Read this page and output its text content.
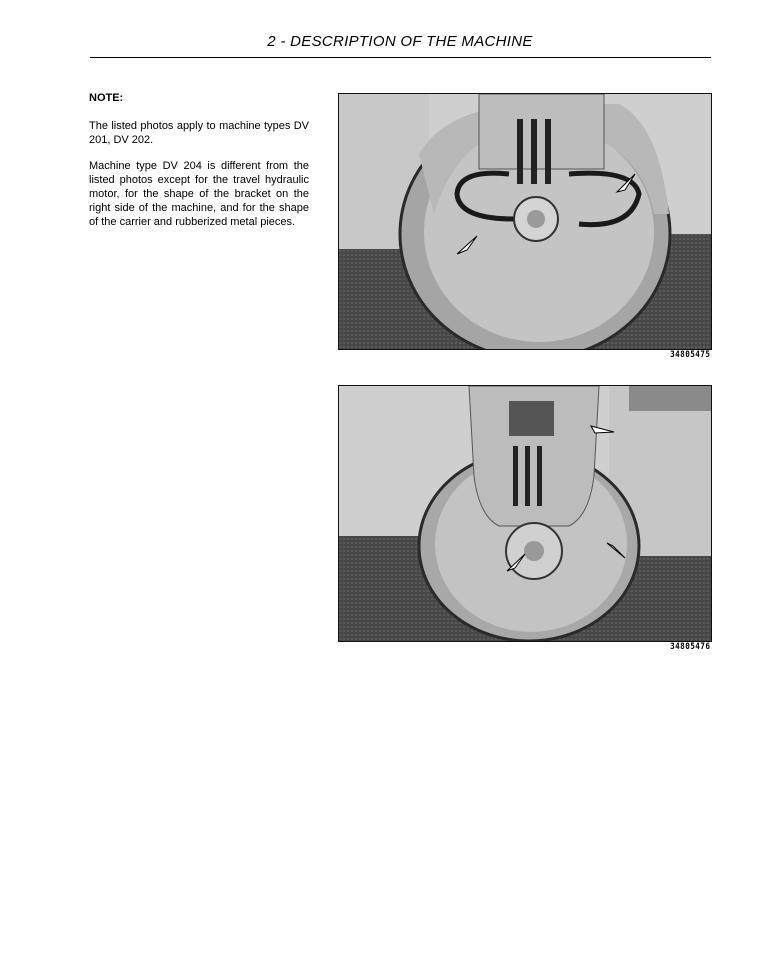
2 - DESCRIPTION OF THE MACHINE
NOTE:
The listed photos apply to machine types DV 201, DV 202.
Machine type DV 204 is different from the listed photos except for the travel hydraulic motor, for the shape of the bracket on the right side of the machine, and for the shape of the carrier and rubberized metal pieces.
34805475
34805476
